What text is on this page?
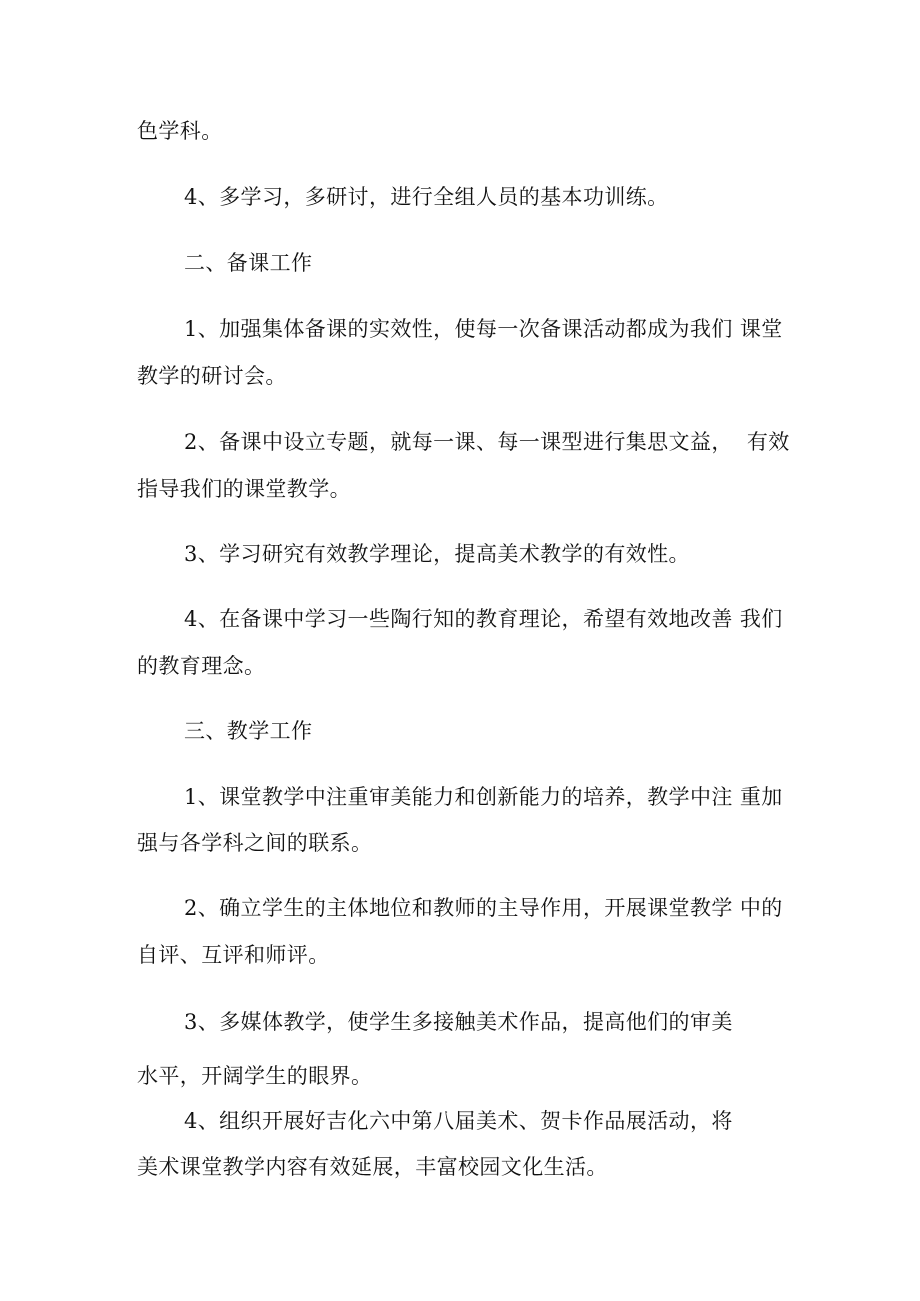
色学科。
4、多学习，多研讨，进行全组人员的基本功训练。
二、备课工作
1、加强集体备课的实效性，使每一次备课活动都成为我们 课堂
教学的研讨会。
2、备课中设立专题，就每一课、每一课型进行集思文益，  有效
指导我们的课堂教学。
3、学习研究有效教学理论，提高美术教学的有效性。
4、在备课中学习一些陶行知的教育理论，希望有效地改善 我们
的教育理念。
三、教学工作
1、课堂教学中注重审美能力和创新能力的培养，教学中注 重加
强与各学科之间的联系。
2、确立学生的主体地位和教师的主导作用，开展课堂教学 中的
自评、互评和师评。
3、多媒体教学，使学生多接触美术作品，提高他们的审美
水平，开阔学生的眼界。
4、组织开展好吉化六中第八届美术、贺卡作品展活动，将
美术课堂教学内容有效延展，丰富校园文化生活。
